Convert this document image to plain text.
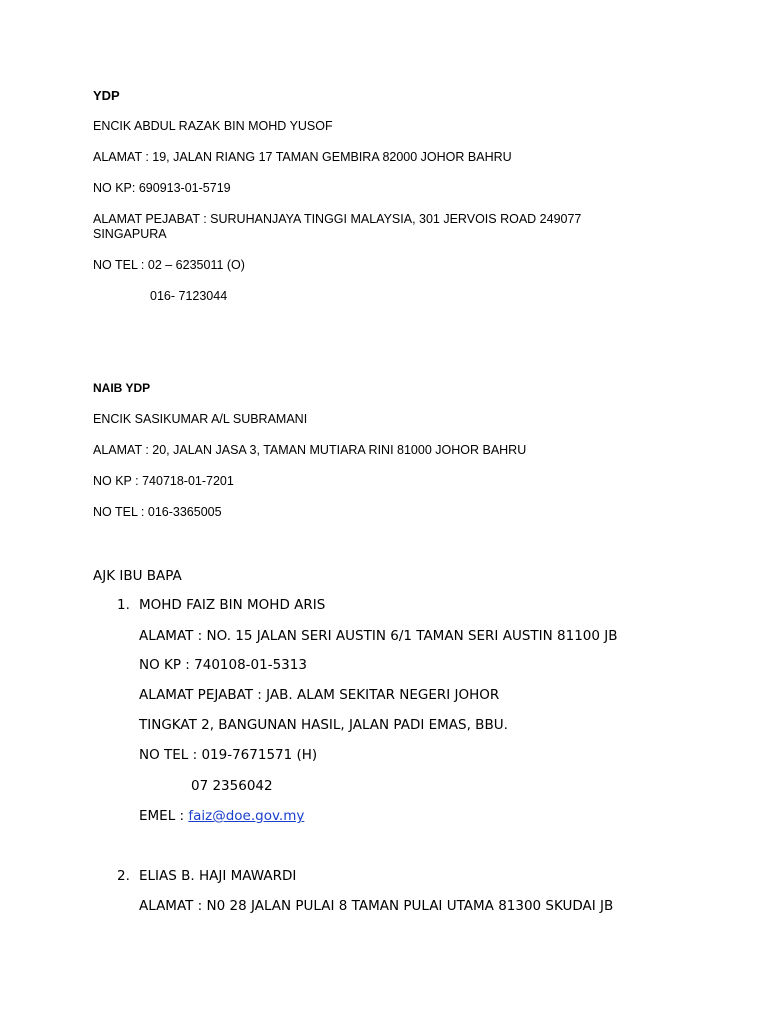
YDP
ENCIK ABDUL RAZAK BIN MOHD YUSOF
ALAMAT : 19, JALAN RIANG 17 TAMAN GEMBIRA 82000 JOHOR BAHRU
NO KP: 690913-01-5719
ALAMAT PEJABAT : SURUHANJAYA TINGGI MALAYSIA, 301 JERVOIS ROAD 249077 SINGAPURA
NO TEL : 02 – 6235011 (O)
016- 7123044
NAIB YDP
ENCIK SASIKUMAR A/L SUBRAMANI
ALAMAT : 20, JALAN JASA 3, TAMAN MUTIARA RINI 81000 JOHOR BAHRU
NO KP : 740718-01-7201
NO TEL : 016-3365005
AJK IBU BAPA
1. MOHD FAIZ BIN MOHD ARIS
ALAMAT : NO. 15 JALAN SERI AUSTIN 6/1 TAMAN SERI AUSTIN 81100 JB
NO KP : 740108-01-5313
ALAMAT PEJABAT : JAB. ALAM SEKITAR NEGERI JOHOR
TINGKAT 2, BANGUNAN HASIL, JALAN PADI EMAS, BBU.
NO TEL : 019-7671571 (H)
07 2356042
EMEL : faiz@doe.gov.my
2. ELIAS B. HAJI MAWARDI
ALAMAT : N0 28 JALAN PULAI 8 TAMAN PULAI UTAMA 81300 SKUDAI JB
